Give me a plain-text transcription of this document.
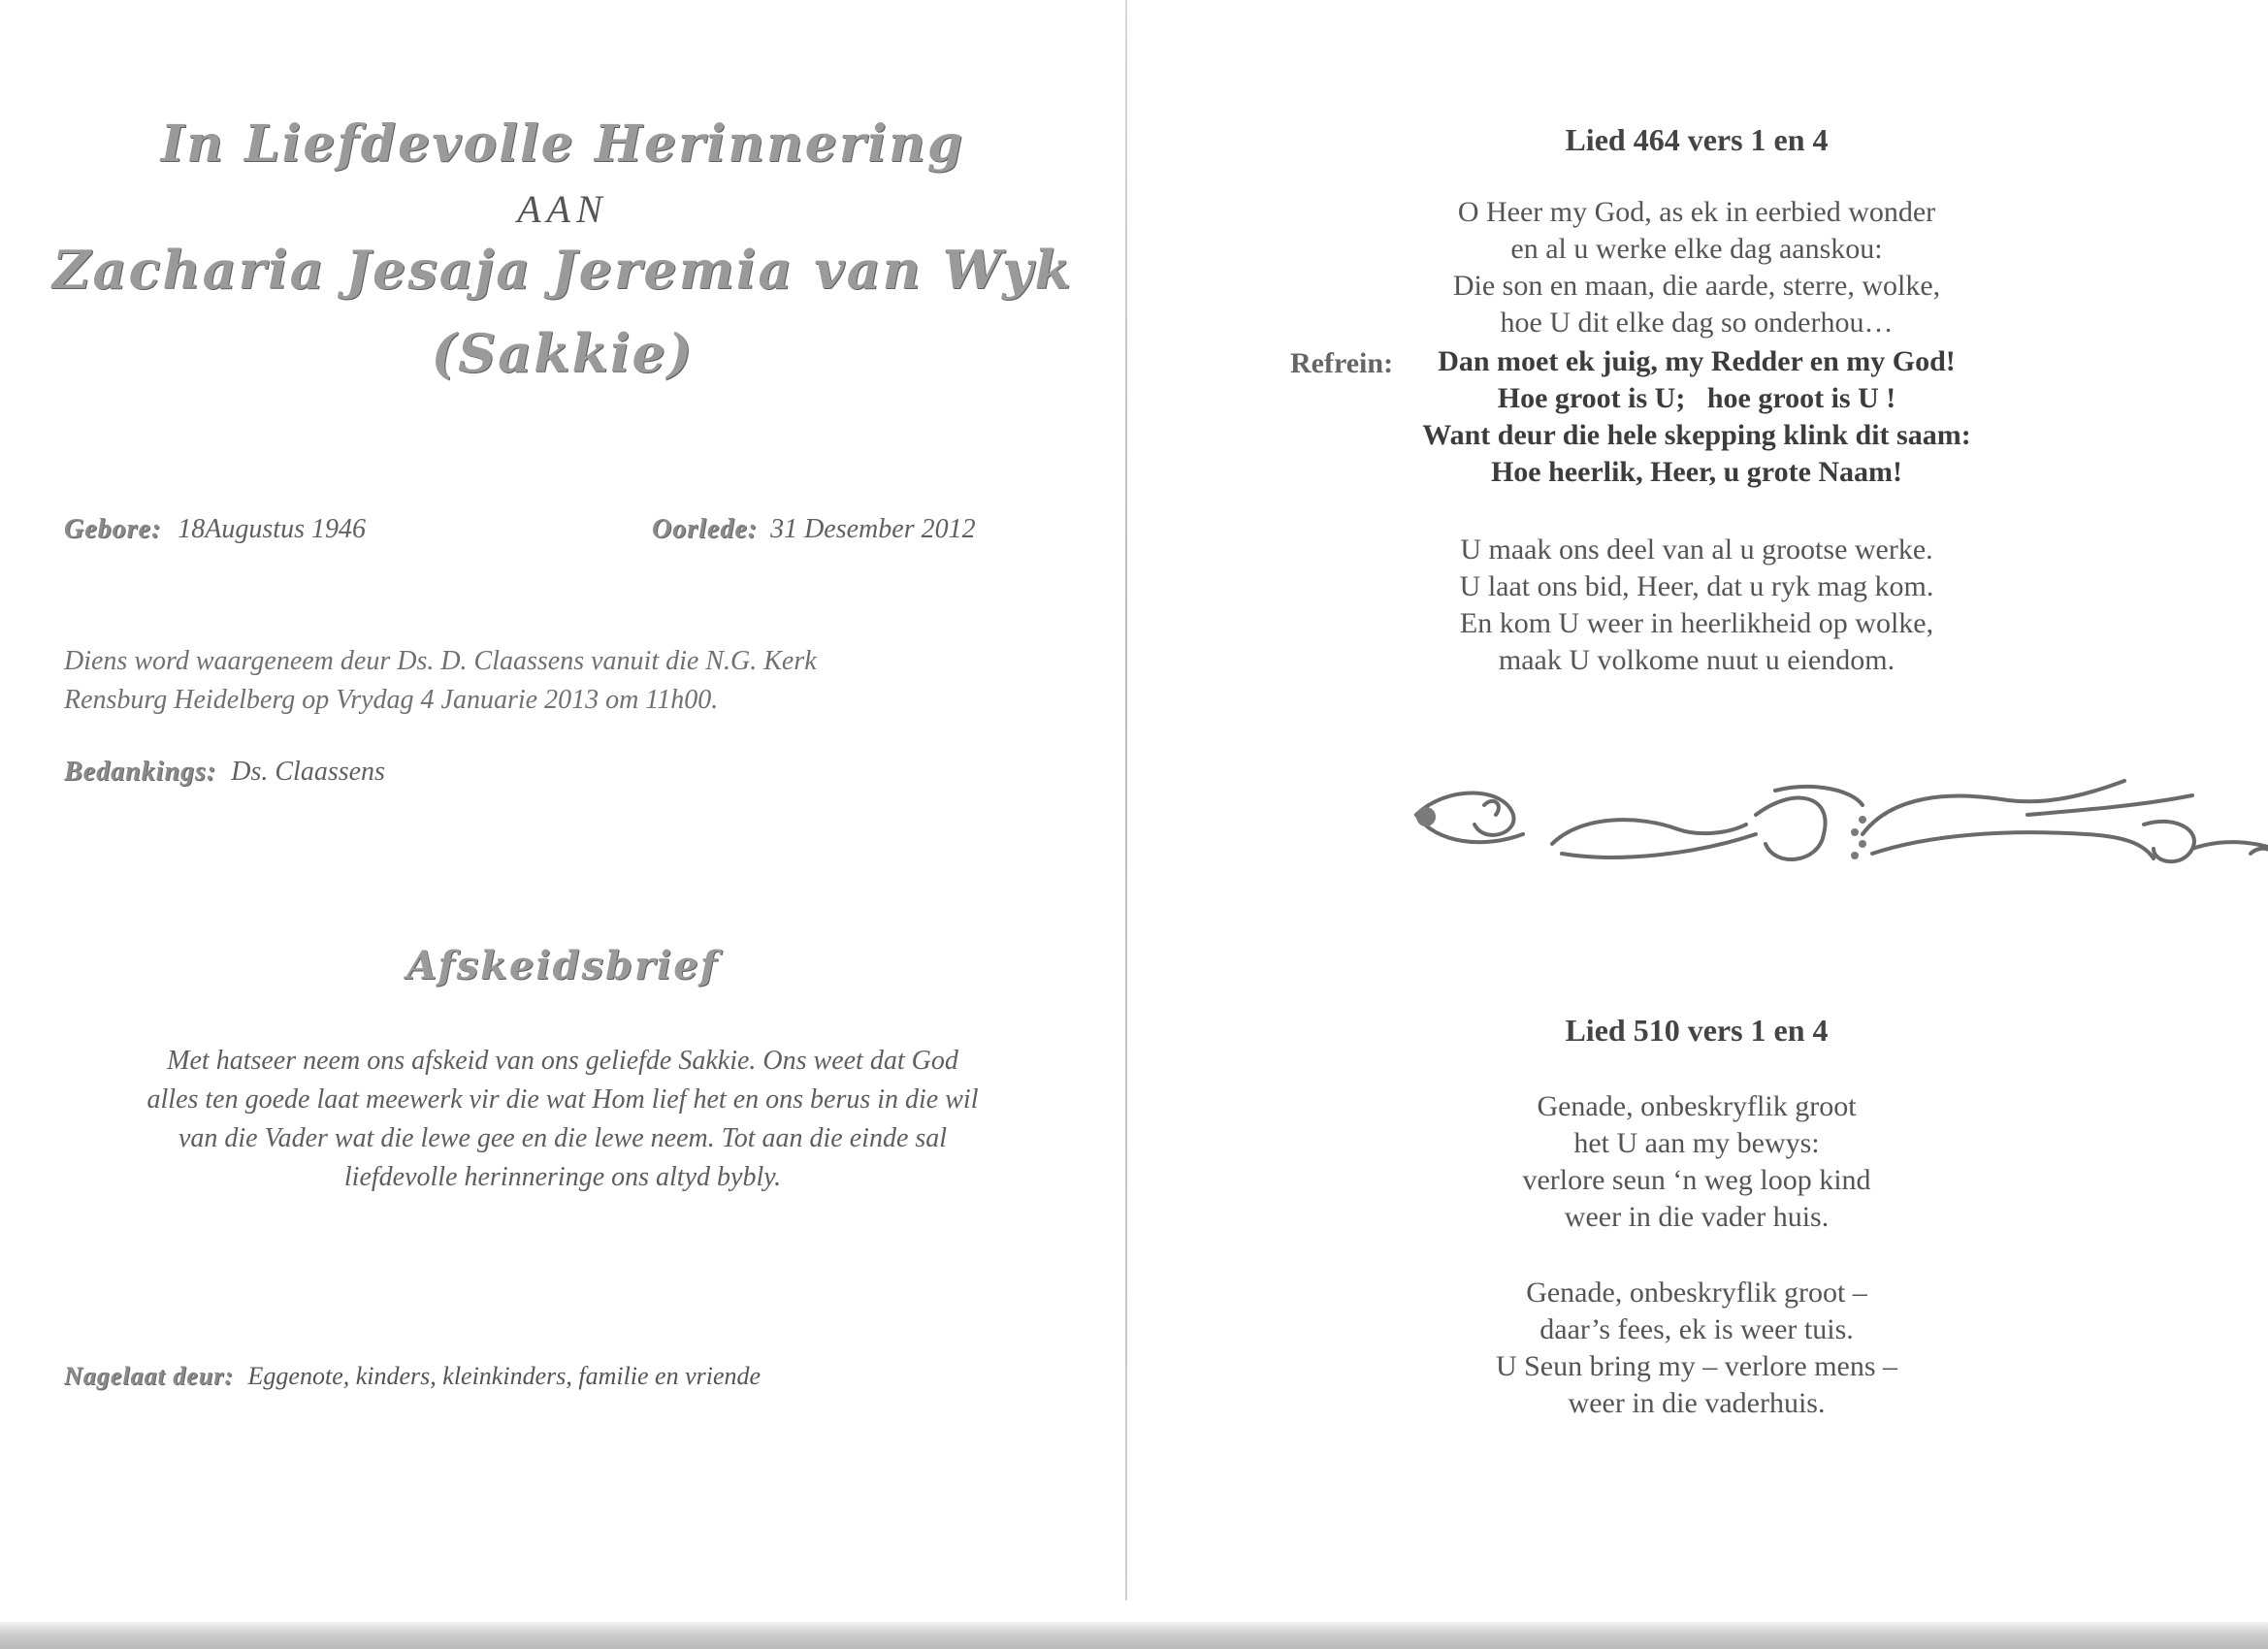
In Liefdevolle Herinnering
AAN
Zacharia Jesaja Jeremia van Wyk
(Sakkie)
Gebore: 18Augustus 1946	Oorlede: 31 Desember 2012
Diens word waargeneem deur Ds. D. Claassens vanuit die N.G. Kerk
Rensburg Heidelberg op Vrydag 4 Januarie 2013 om 11h00.
Bedankings: Ds. Claassens
Afskeidsbrief
Met hatseer neem ons afskeid van ons geliefde Sakkie. Ons weet dat God
alles ten goede laat meewerk vir die wat Hom lief het en ons berus in die wil
van die Vader wat die lewe gee en die lewe neem. Tot aan die einde sal
liefdevolle herinneringe ons altyd bybly.
Nagelaat deur: Eggenote, kinders, kleinkinders, familie en vriende
Lied 464 vers 1 en 4
O Heer my God, as ek in eerbied wonder
en al u werke elke dag aanskou:
Die son en maan, die aarde, sterre, wolke,
hoe U dit elke dag so onderhou…
Refrein:	Dan moet ek juig, my Redder en my God!
Hoe groot is U;   hoe groot is U !
Want deur die hele skepping klink dit saam:
Hoe heerlik, Heer, u grote Naam!
U maak ons deel van al u grootse werke.
U laat ons bid, Heer, dat u ryk mag kom.
En kom U weer in heerlikheid op wolke,
maak U volkome nuut u eiendom.
Lied 510 vers 1 en 4
Genade, onbeskryflik groot
het U aan my bewys:
verlore seun ‘n weg loop kind
weer in die vader huis.
Genade, onbeskryflik groot –
daar’s fees, ek is weer tuis.
U Seun bring my – verlore mens –
weer in die vaderhuis.
